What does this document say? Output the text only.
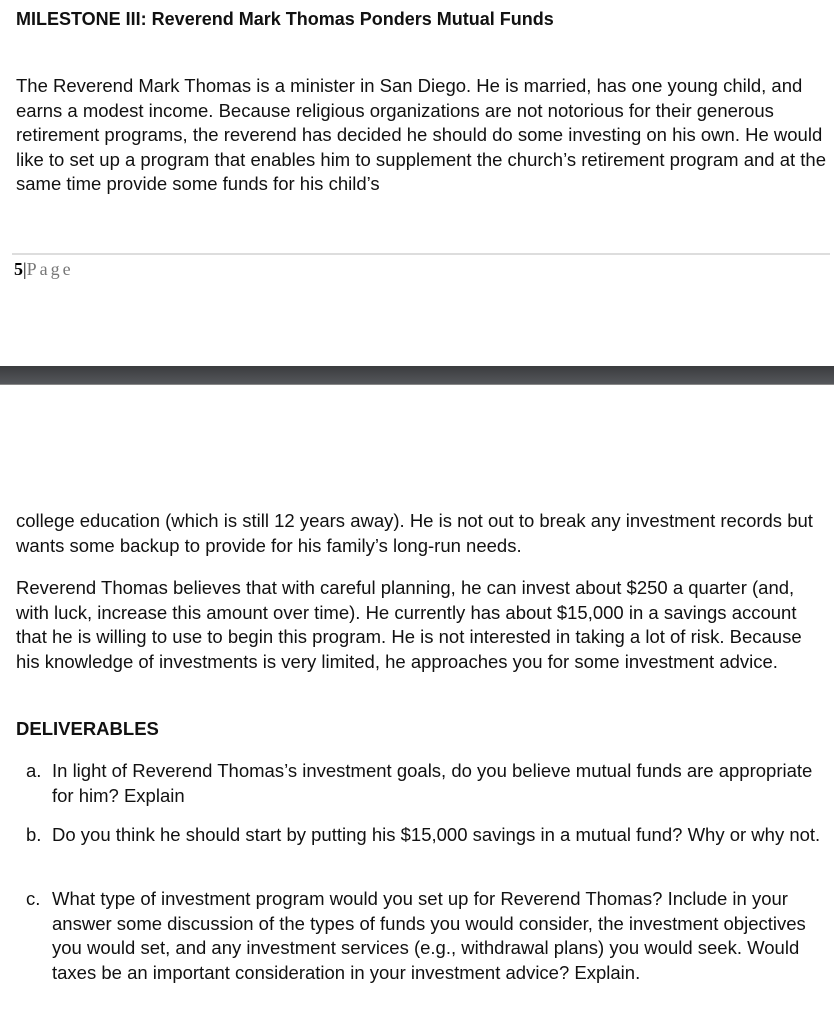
MILESTONE III: Reverend Mark Thomas Ponders Mutual Funds
The Reverend Mark Thomas is a minister in San Diego. He is married, has one young child, and earns a modest income. Because religious organizations are not notorious for their generous retirement programs, the reverend has decided he should do some investing on his own. He would like to set up a program that enables him to supplement the church’s retirement program and at the same time provide some funds for his child’s
5|Page
college education (which is still 12 years away). He is not out to break any investment records but wants some backup to provide for his family’s long-run needs.
Reverend Thomas believes that with careful planning, he can invest about $250 a quarter (and, with luck, increase this amount over time). He currently has about $15,000 in a savings account that he is willing to use to begin this program. He is not interested in taking a lot of risk. Because his knowledge of investments is very limited, he approaches you for some investment advice.
DELIVERABLES
a. In light of Reverend Thomas’s investment goals, do you believe mutual funds are appropriate for him? Explain
b. Do you think he should start by putting his $15,000 savings in a mutual fund? Why or why not.
c. What type of investment program would you set up for Reverend Thomas? Include in your answer some discussion of the types of funds you would consider, the investment objectives you would set, and any investment services (e.g., withdrawal plans) you would seek. Would taxes be an important consideration in your investment advice? Explain.
